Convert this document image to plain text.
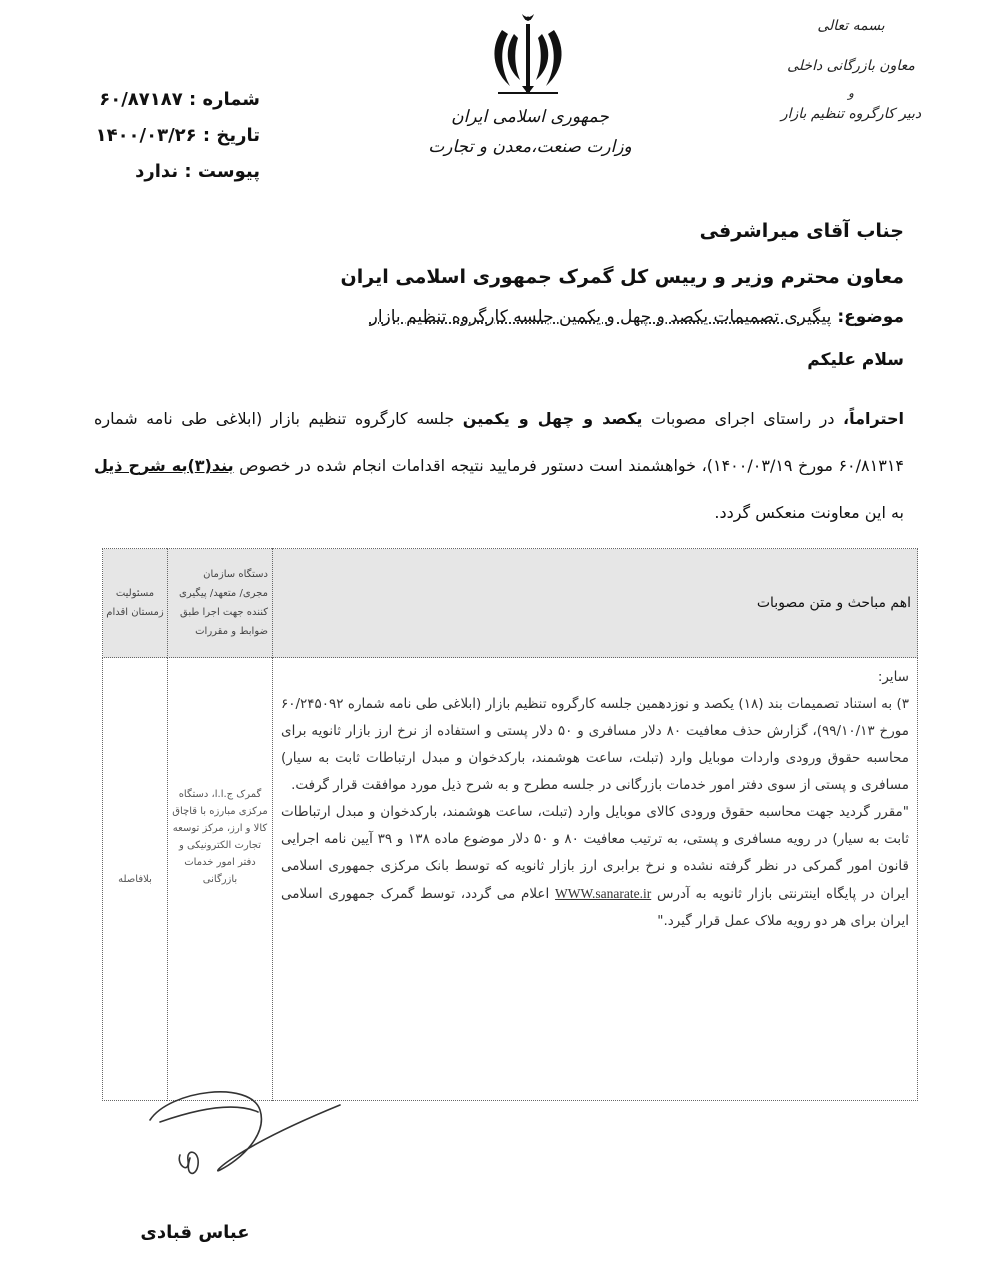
شماره : ۶۰/۸۷۱۸۷
تاریخ : ۱۴۰۰/۰۳/۲۶
پیوست : ندارد
جمهوری اسلامی ایران
وزارت صنعت،معدن و تجارت
بسمه تعالی
معاون بازرگانی داخلی
و
دبیر کارگروه تنظیم بازار
جناب آقای میراشرفی
معاون محترم وزیر و رییس کل گمرک جمهوری اسلامی ایران
موضوع: پیگیری تصمیمات یکصد و چهل و یکمین جلسه کارگروه تنظیم بازار
سلام علیکم
احتراماً، در راستای اجرای مصوبات یکصد و چهل و یکمین جلسه کارگروه تنظیم بازار (ابلاغی طی نامه شماره ۶۰/۸۱۳۱۴ مورخ ۱۴۰۰/۰۳/۱۹)، خواهشمند است دستور فرمایید نتیجه اقدامات انجام شده در خصوص بند(۳)به شرح ذیل به این معاونت منعکس گردد.
اهم مباحث و متن مصوبات	دستگاه سازمان مجری/ متعهد/ پیگیری کننده جهت اجرا طبق ضوابط و مقررات	مسئولیت زمستان اقدام

سایر:
۳) به استناد تصمیمات بند (۱۸) یکصد و نوزدهمین جلسه کارگروه تنظیم بازار (ابلاغی طی نامه شماره ۶۰/۲۴۵۰۹۲ مورخ ۹۹/۱۰/۱۳)، گزارش حذف معافیت ۸۰ دلار مسافری و ۵۰ دلار پستی و استفاده از نرخ ارز بازار ثانویه برای محاسبه حقوق ورودی واردات موبایل وارد (تبلت، ساعت هوشمند، بارکدخوان و مبدل ارتباطات ثابت به سیار) مسافری و پستی از سوی دفتر امور خدمات بازرگانی در جلسه مطرح و به شرح ذیل مورد موافقت قرار گرفت.
"مقرر گردید جهت محاسبه حقوق ورودی کالای موبایل وارد (تبلت، ساعت هوشمند، بارکدخوان و مبدل ارتباطات ثابت به سیار) در رویه مسافری و پستی، به ترتیب معافیت ۸۰ و ۵۰ دلار موضوع ماده ۱۳۸ و ۳۹ آیین نامه اجرایی قانون امور گمرکی در نظر گرفته نشده و نرخ برابری ارز بازار ثانویه که توسط بانک مرکزی جمهوری اسلامی ایران در پایگاه اینترنتی بازار ثانویه به آدرس WWW.sanarate.ir اعلام می گردد، توسط گمرک جمهوری اسلامی ایران برای هر دو رویه ملاک عمل قرار گیرد."	گمرک ج.ا.ا، دستگاه مرکزی مبارزه با قاچاق کالا و ارز، مرکز توسعه تجارت الکترونیکی و دفتر امور خدمات بازرگانی	بلافاصله
عباس قبادی
